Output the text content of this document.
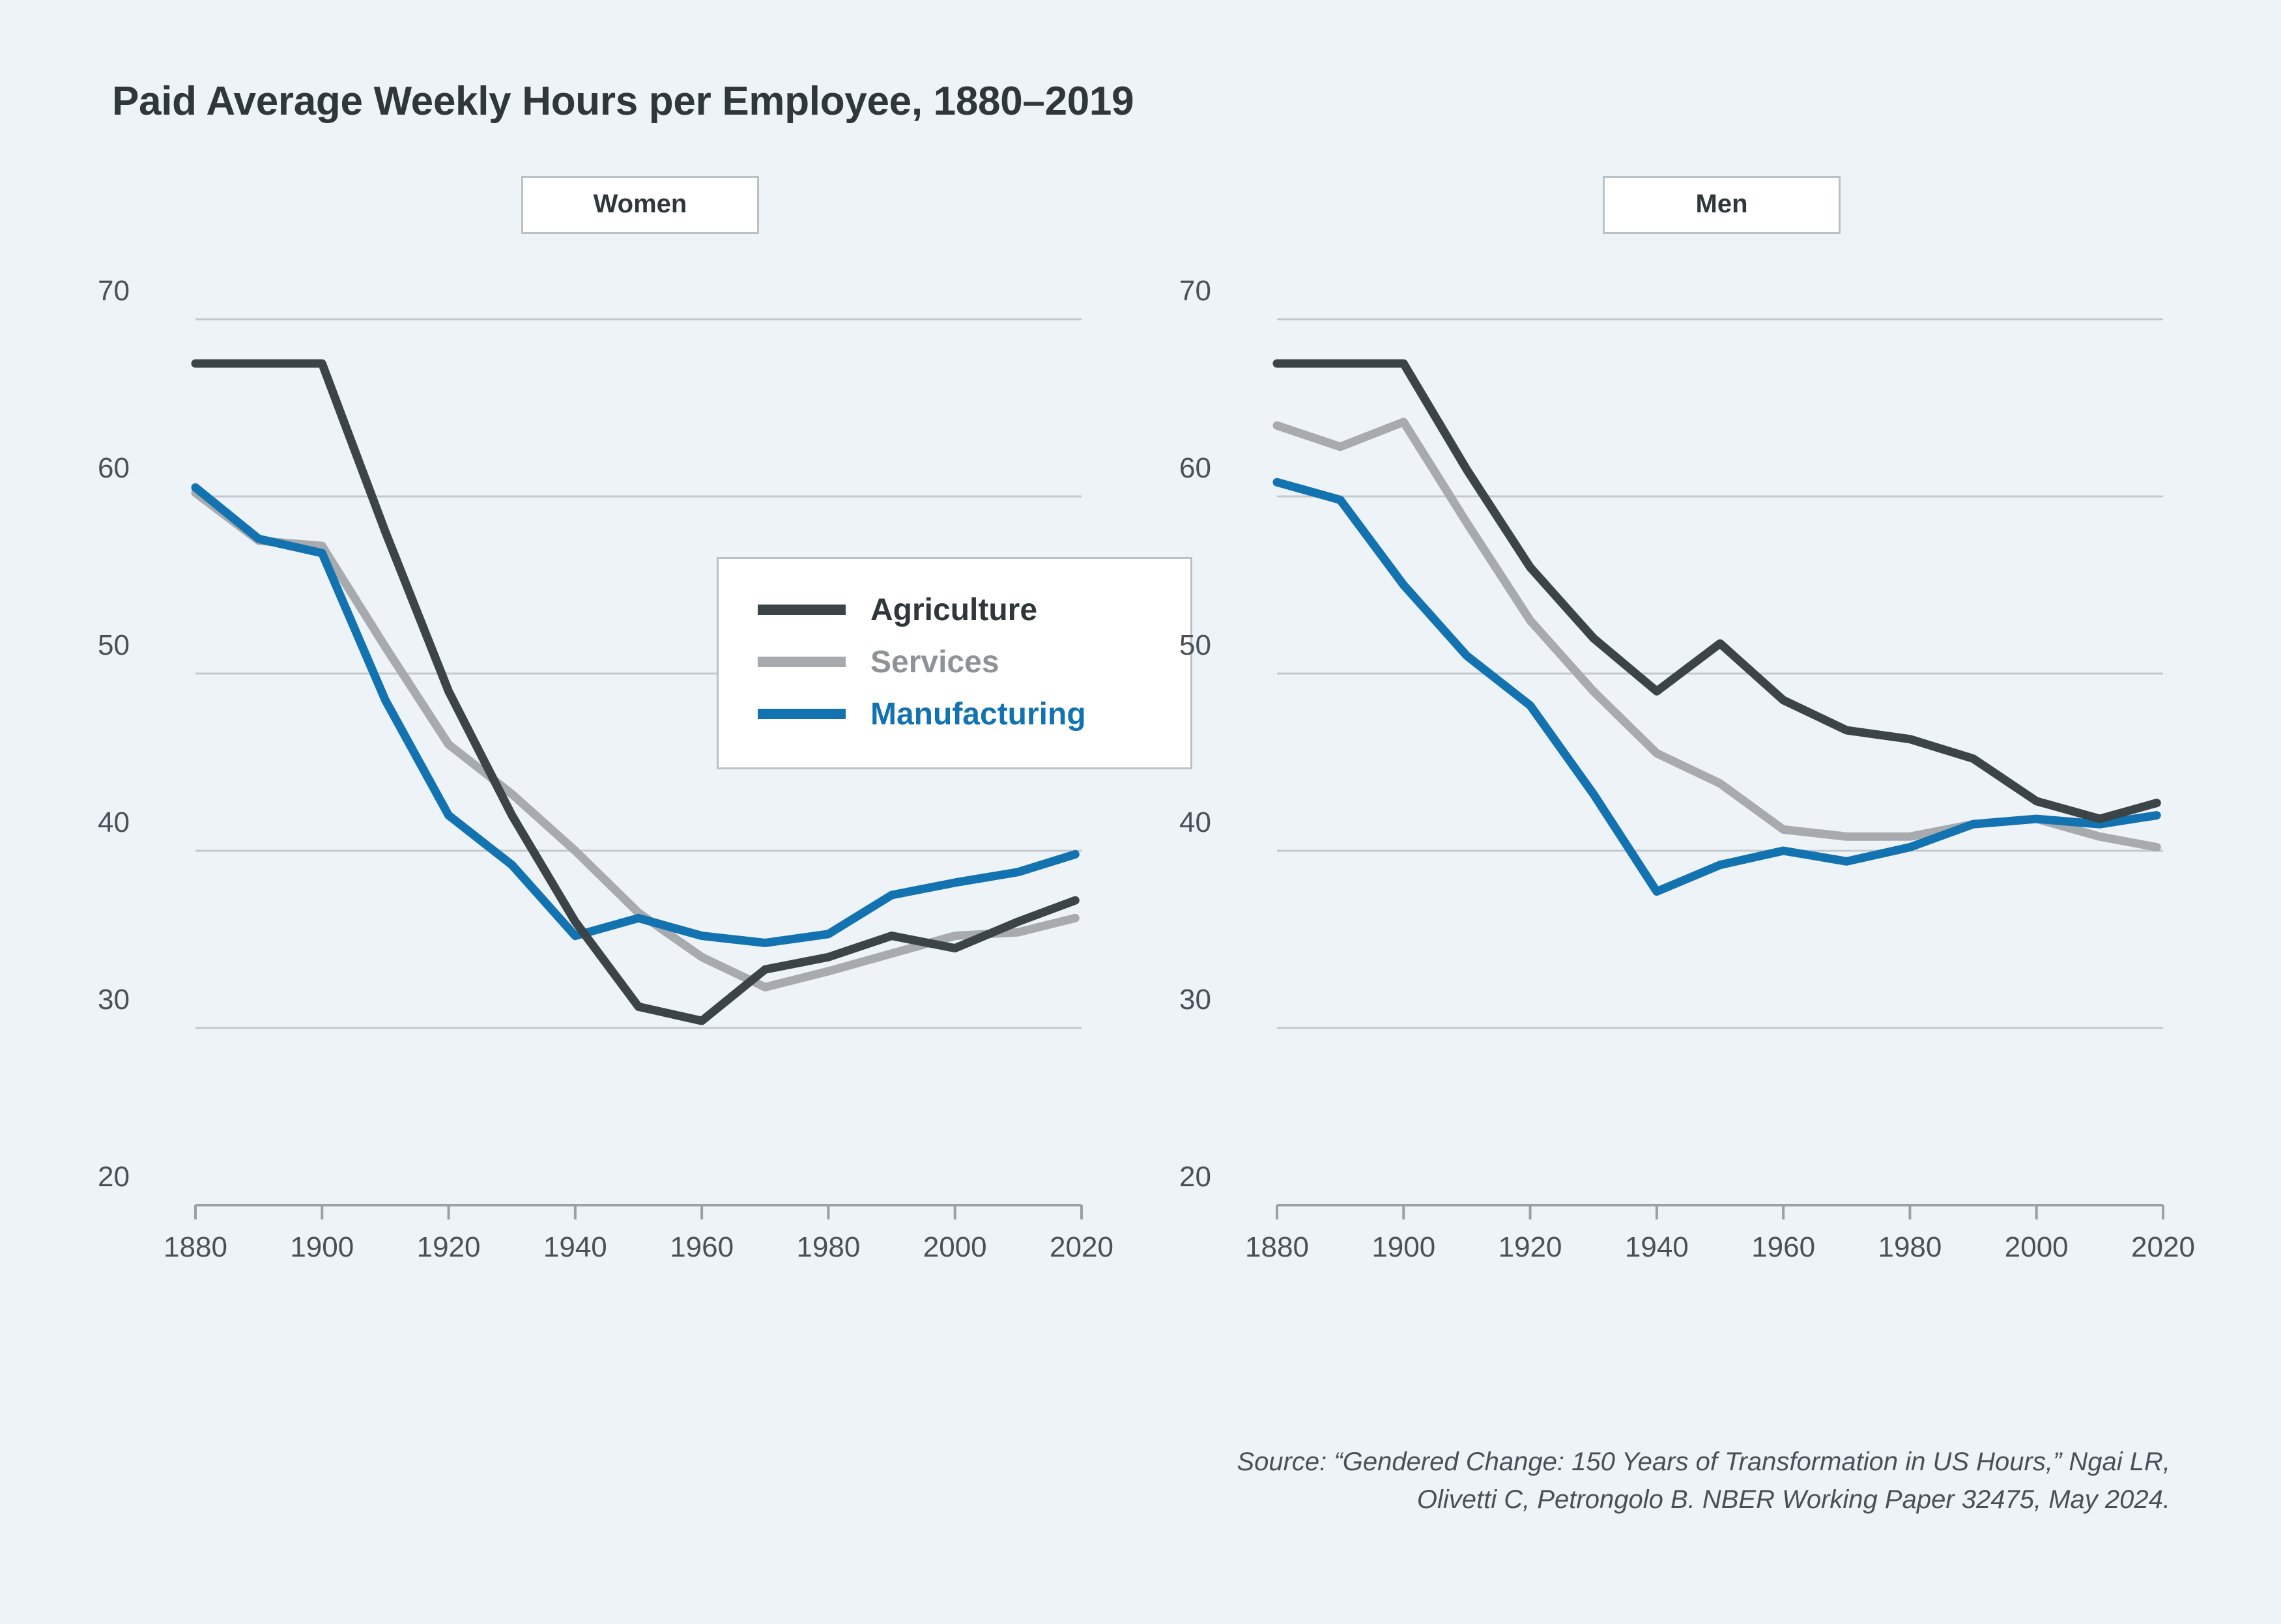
Paid Average Weekly Hours per Employee, 1880–2019
Women
20
30
40
50
60
70
1880	1900	1920	1940	1960	1980	2000	2020
Agriculture
Services
Manufacturing
Men
20
30
40
50
60
70
1880	1900	1920	1940	1960	1980	2000	2020
Source: “Gendered Change: 150 Years of Transformation in US Hours,” Ngai LR,
Olivetti C, Petrongolo B. NBER Working Paper 32475, May 2024.
